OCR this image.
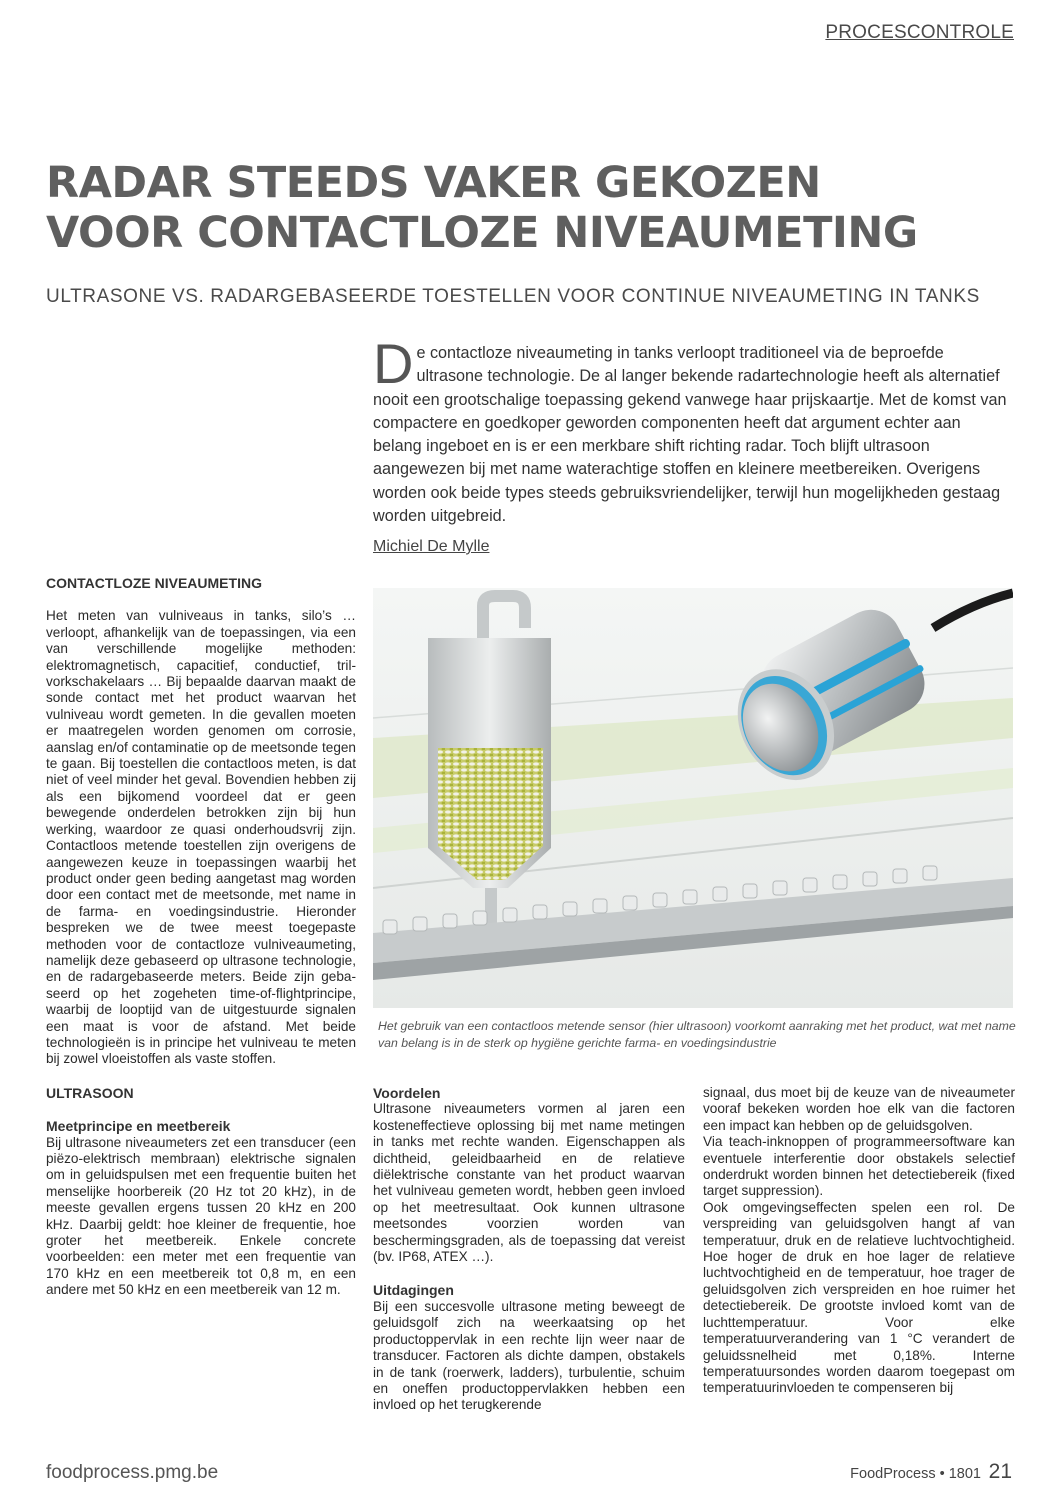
PROCESCONTROLE
RADAR STEEDS VAKER GEKOZEN
VOOR CONTACTLOZE NIVEAUMETING
ULTRASONE VS. RADARGEBASEERDE TOESTELLEN VOOR CONTINUE NIVEAUMETING IN TANKS
De contactloze niveaumeting in tanks verloopt traditioneel via de beproefde ultrasone technologie. De al langer bekende radartechnologie heeft als alternatief nooit een grootschalige toepassing gekend vanwege haar prijskaartje. Met de komst van compactere en goedkoper geworden componenten heeft dat argument echter aan belang ingeboet en is er een merkbare shift richting radar. Toch blijft ultrasoon aangewezen bij met name waterachtige stoffen en kleinere meetbereiken. Overigens worden ook beide types steeds gebruiksvriendelijker, terwijl hun mogelijkheden gestaag worden uitgebreid.
Michiel De Mylle
CONTACTLOZE NIVEAUMETING

Het meten van vulniveaus in tanks, silo’s … verloopt, afhankelijk van de toepassingen, via een van verschillende mogelijke methoden: elektromagnetisch, capacitief, conductief, trilvorkschakelaars … Bij bepaalde daarvan maakt de sonde contact met het product waarvan het vulniveau wordt gemeten. In die gevallen moeten er maatregelen worden genomen om corrosie, aanslag en/of contaminatie op de meetsonde tegen te gaan. Bij toestellen die contactloos meten, is dat niet of veel minder het geval. Bovendien hebben zij als een bijkomend voordeel dat er geen bewegende onderdelen betrokken zijn bij hun werking, waardoor ze quasi onderhoudsvrij zijn. Contactloos metende toestellen zijn overigens de aangewezen keuze in toepassingen waarbij het product onder geen beding aangetast mag worden door een contact met de meetsonde, met name in de farma- en voedingsindustrie. Hieronder bespreken we de twee meest toegepaste methoden voor de contactloze vulniveaumeting, namelijk deze gebaseerd op ultrasone technologie, en de radargebaseerde meters. Beide zijn gebaseerd op het zogeheten time-of-flightprincipe, waarbij de looptijd van de uitgestuurde signalen een maat is voor de afstand. Met beide technologieën is in principe het vulniveau te meten bij zowel vloeistoffen als vaste stoffen.

ULTRASOON
Meetprincipe en meetbereik

Bij ultrasone niveaumeters zet een transducer (een piëzo-elektrisch membraan) elektrische signalen om in geluidspulsen met een frequentie buiten het menselijke hoorbereik (20 Hz tot 20 kHz), in de meeste gevallen ergens tussen 20 kHz en 200 kHz. Daarbij geldt: hoe kleiner de frequentie, hoe groter het meetbereik. Enkele concrete voorbeelden: een meter met een frequentie van 170 kHz en een meetbereik tot 0,8 m, en een andere met 50 kHz en een meetbereik van 12 m.

Het gebruik van een contactloos metende sensor (hier ultrasoon) voorkomt aanraking met het product, wat met name van belang is in de sterk op hygiëne gerichte farma- en voedingsindustrie
Voordelen

Ultrasone niveaumeters vormen al jaren een kosteneffectieve oplossing bij met name metingen in tanks met rechte wanden. Eigenschappen als dichtheid, geleidbaarheid en de relatieve diëlektrische constante van het product waarvan het vulniveau gemeten wordt, hebben geen invloed op het meetresultaat. Ook kunnen ultrasone meetsondes voorzien worden van beschermingsgraden, als de toepassing dat vereist (bv. IP68, ATEX …).

Uitdagingen

Bij een succesvolle ultrasone meting beweegt de geluidsgolf zich na weerkaatsing op het productoppervlak in een rechte lijn weer naar de transducer. Factoren als dichte dampen, obstakels in de tank (roerwerk, ladders), turbulentie, schuim en oneffen productoppervlakken hebben een invloed op het terugkerende

signaal, dus moet bij de keuze van de niveaumeter vooraf bekeken worden hoe elk van die factoren een impact kan hebben op de geluidsgolven.

Via teach-inknoppen of programmeersoftware kan eventuele interferentie door obstakels selectief onderdrukt worden binnen het detectiebereik (fixed target suppression).

Ook omgevingseffecten spelen een rol. De verspreiding van geluidsgolven hangt af van temperatuur, druk en de relatieve luchtvochtigheid. Hoe hoger de druk en hoe lager de relatieve luchtvochtigheid en de temperatuur, hoe trager de geluidsgolven zich verspreiden en hoe ruimer het detectiebereik. De grootste invloed komt van de luchttemperatuur. Voor elke temperatuurverandering van 1 °C verandert de geluidssnelheid met 0,18%. Interne temperatuursondes worden daarom toegepast om temperatuurinvloeden te compenseren bij

foodprocess.pmg.be	FoodProcess • 1801 21
